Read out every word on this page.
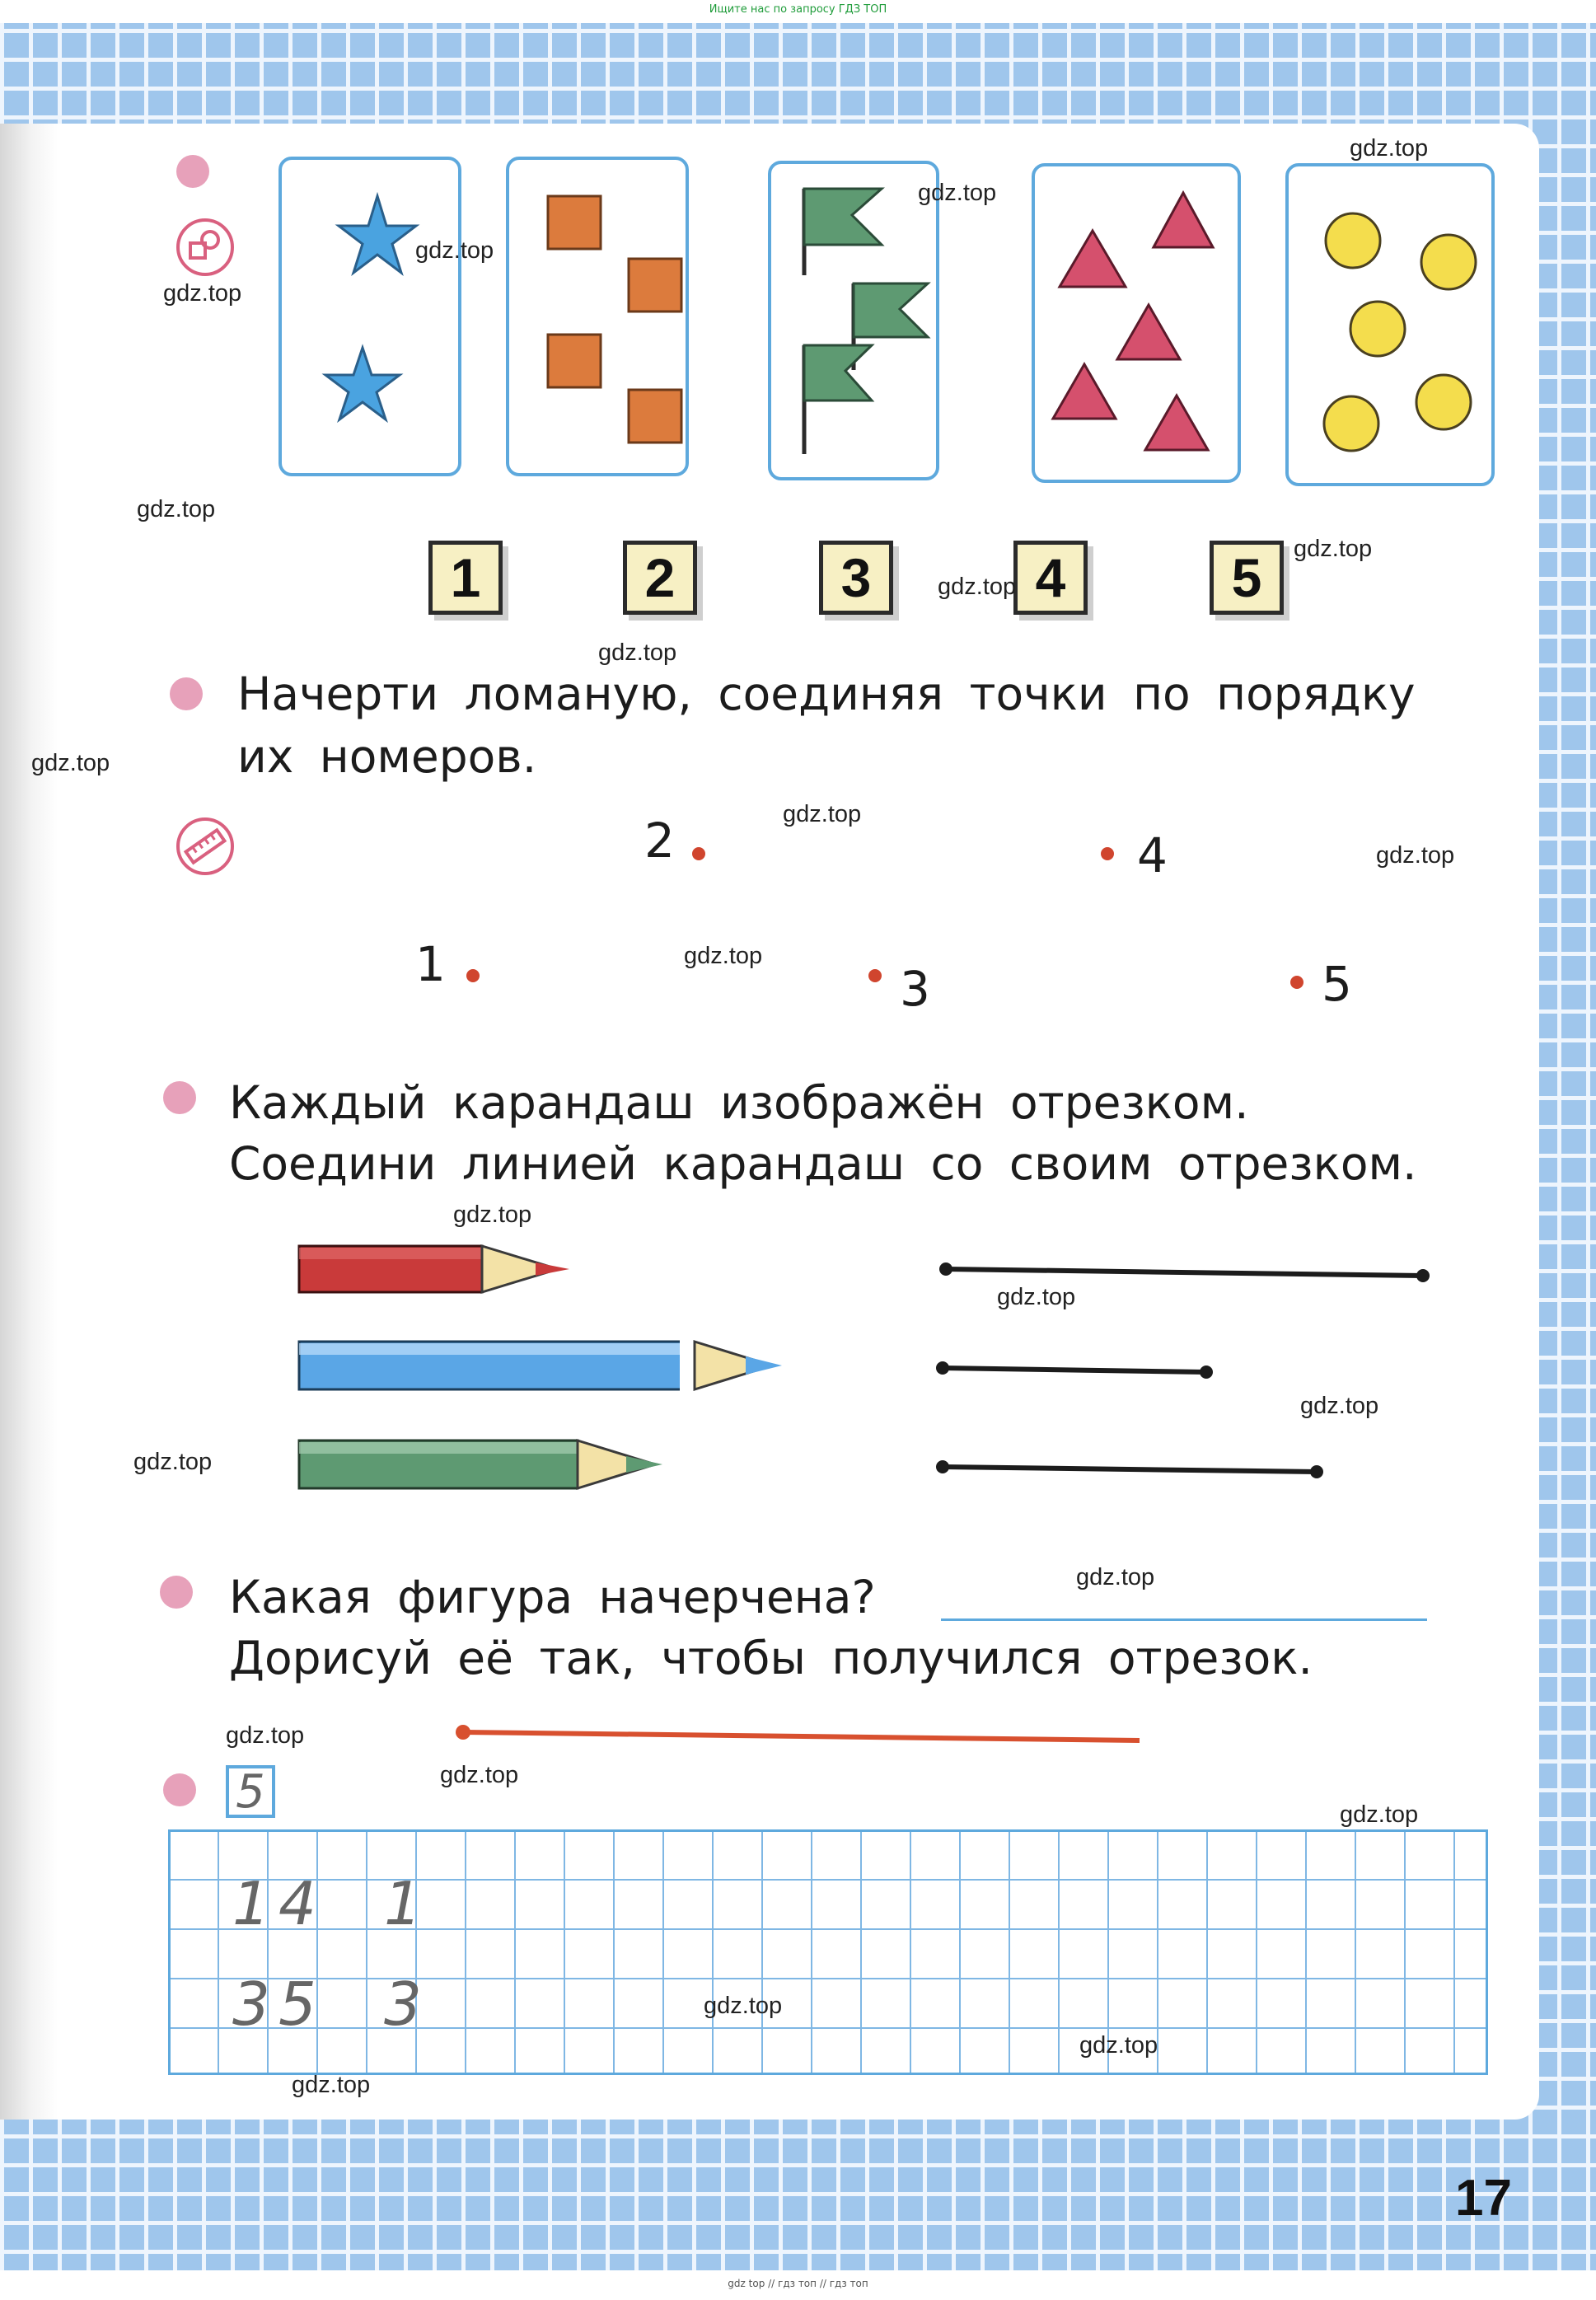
Ищите нас по запросу ГДЗ ТОП
1	2	3	4	5
Начерти ломаную, соединяя точки по порядку
их номеров.
1
2
3
4
5
Каждый карандаш изображён отрезком.
Соедини линией карандаш со своим отрезком.
Какая фигура начерчена?
Дорисуй её так, чтобы получился отрезок.
5
1
4 1
3
5 3
17
gdz.top
gdz.top
gdz.top
gdz.top
gdz.top
gdz.top
gdz.top
gdz.top
gdz.top
gdz.top
gdz.top
gdz.top
gdz.top
gdz.top
gdz.top
gdz.top
gdz.top
gdz.top
gdz.top
gdz.top
gdz.top
gdz.top
gdz.top
gdz top // гдз топ // гдз топ
